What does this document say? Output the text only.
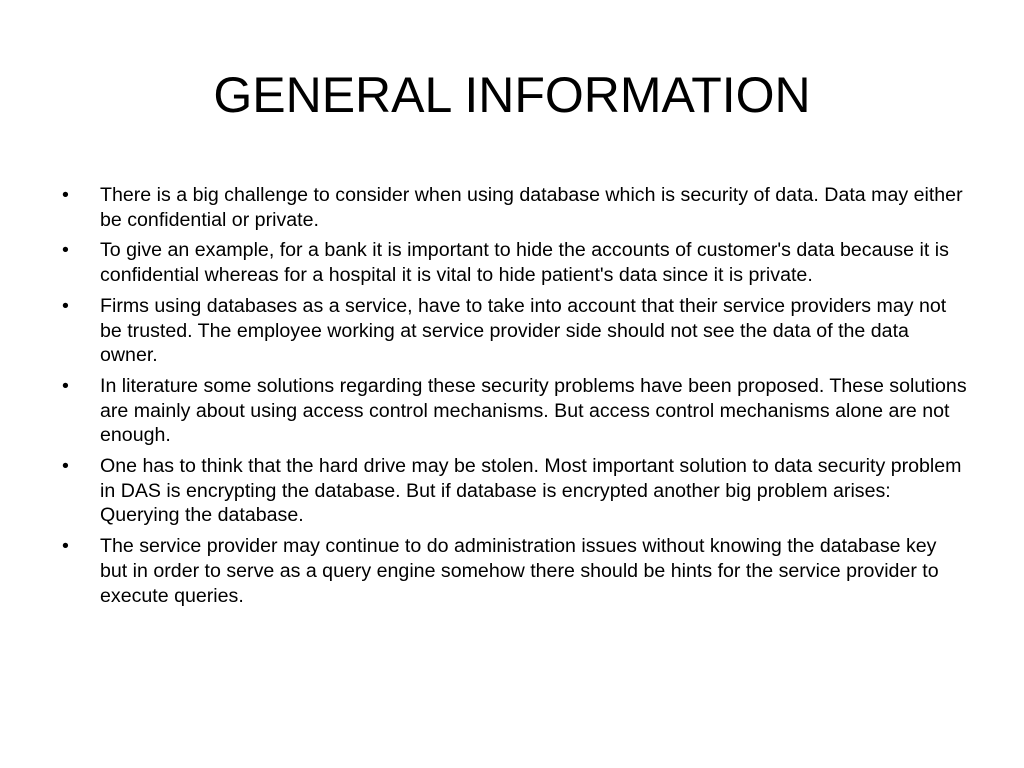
GENERAL INFORMATION
•	There is a big challenge to consider when using database which is security of data. Data may either be confidential or private.
•	To give an example, for a bank it is important to hide the accounts of customer's data because it is confidential whereas for a hospital it is vital to hide patient's data since it is private.
•	Firms using databases as a service, have to take into account that their service providers may not be trusted. The employee working at service provider side should not see the data of the data owner.
•	In literature some solutions regarding these security problems have been proposed. These solutions are mainly about using access control mechanisms. But access control mechanisms alone are not enough.
•	One has to think that the hard drive may be stolen. Most important solution to data security problem in DAS is encrypting the database. But if database is encrypted another big problem arises: Querying the database.
•	The service provider may continue to do administration issues without knowing the database key but in order to serve as a query engine somehow there should be hints for the service provider to execute queries.
